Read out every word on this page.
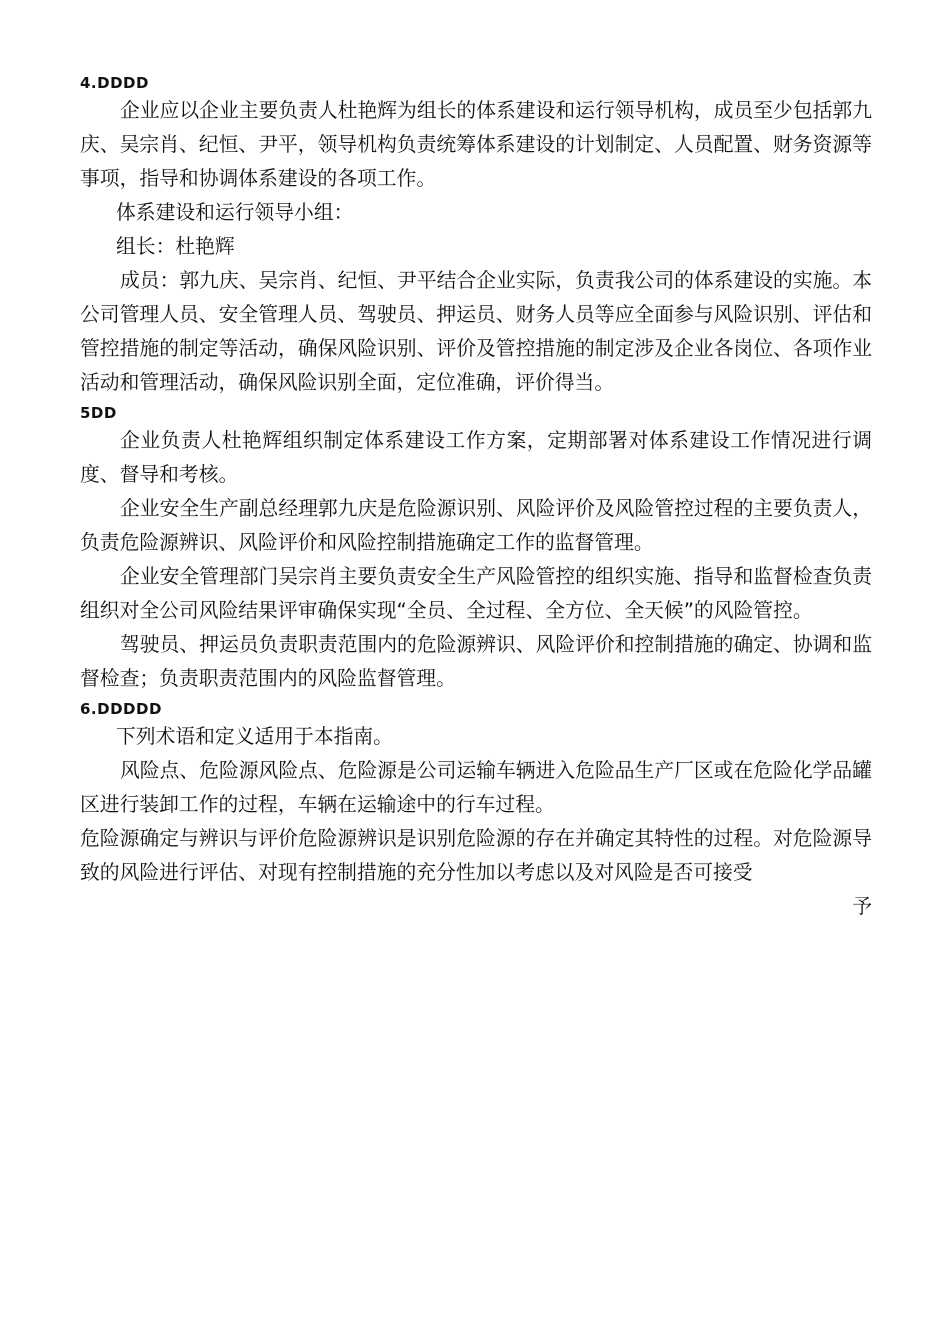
4.DDDD

企业应以企业主要负责人杜艳辉为组长的体系建设和运行领导机构，成员至少包括郭九庆、吴宗肖、纪恒、尹平，领导机构负责统筹体系建设的计划制定、人员配置、财务资源等事项，指导和协调体系建设的各项工作。

体系建设和运行领导小组：

组长：杜艳辉

成员：郭九庆、吴宗肖、纪恒、尹平结合企业实际，负责我公司的体系建设的实施。本公司管理人员、安全管理人员、驾驶员、押运员、财务人员等应全面参与风险识别、评估和管控措施的制定等活动，确保风险识别、评价及管控措施的制定涉及企业各岗位、各项作业活动和管理活动，确保风险识别全面，定位准确，评价得当。

5DD

企业负责人杜艳辉组织制定体系建设工作方案，定期部署对体系建设工作情况进行调度、督导和考核。

企业安全生产副总经理郭九庆是危险源识别、风险评价及风险管控过程的主要负责人，负责危险源辨识、风险评价和风险控制措施确定工作的监督管理。

企业安全管理部门吴宗肖主要负责安全生产风险管控的组织实施、指导和监督检查负责组织对全公司风险结果评审确保实现“全员、全过程、全方位、全天候”的风险管控。

驾驶员、押运员负责职责范围内的危险源辨识、风险评价和控制措施的确定、协调和监督检查；负责职责范围内的风险监督管理。

6.DDDDD

下列术语和定义适用于本指南。

风险点、危险源风险点、危险源是公司运输车辆进入危险品生产厂区或在危险化学品罐区进行装卸工作的过程，车辆在运输途中的行车过程。

危险源确定与辨识与评价危险源辨识是识别危险源的存在并确定其特性的过程。对危险源导致的风险进行评估、对现有控制措施的充分性加以考虑以及对风险是否可接受

予
